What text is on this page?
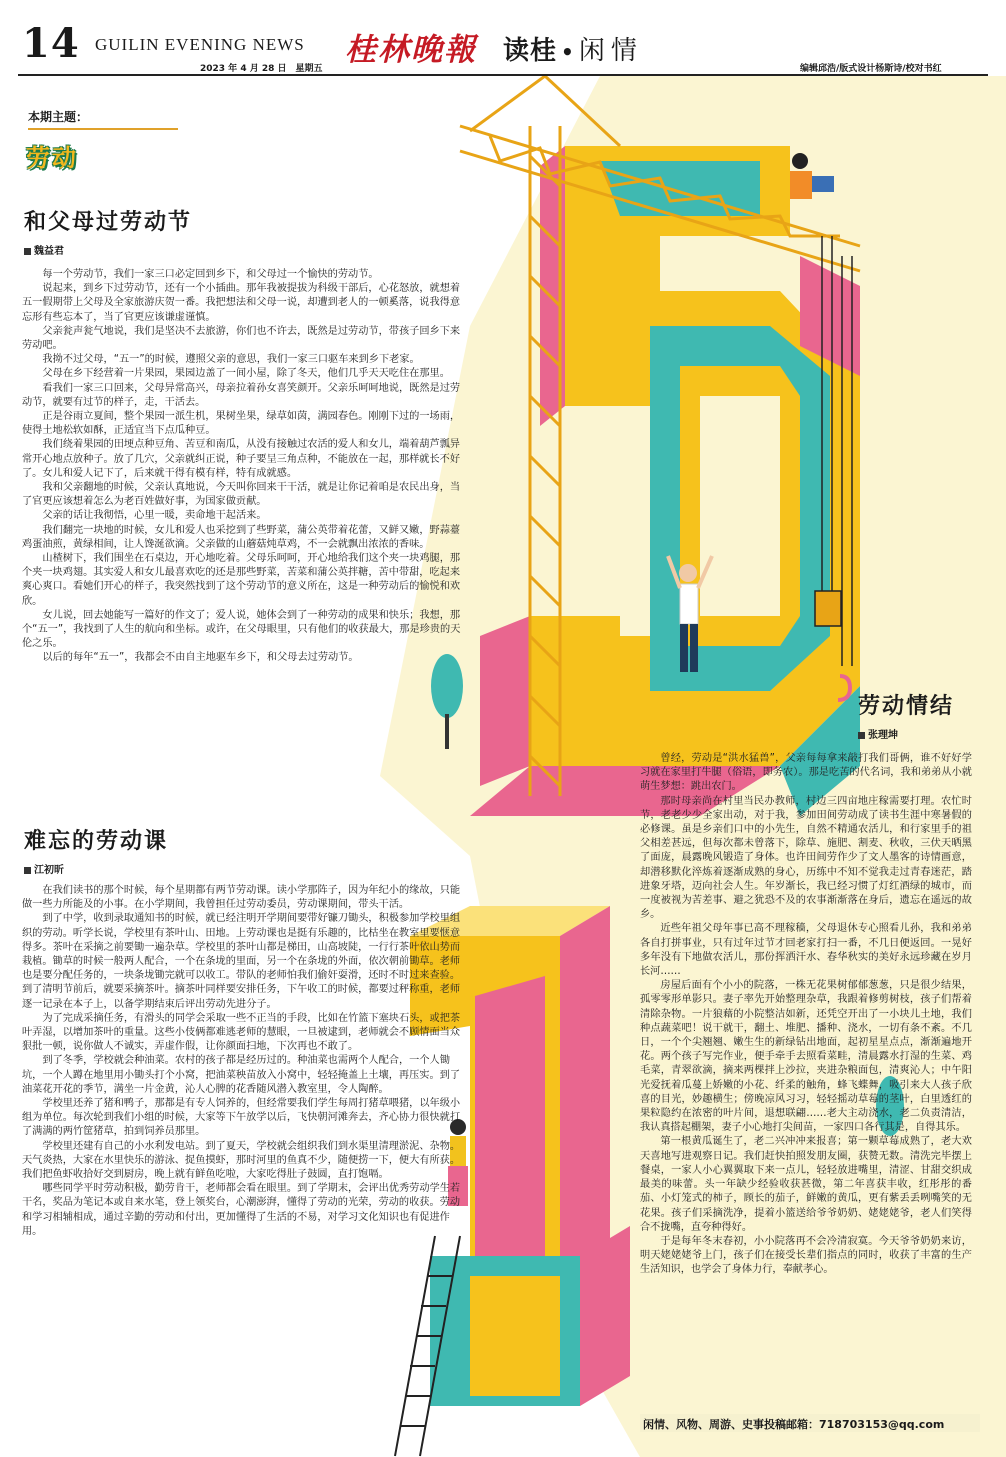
14 GUILIN EVENING NEWS
2023 年 4 月 28 日　星期五
桂林晚報 读桂 • 闲情
编辑邱浩/版式设计杨斯诗/校对书红
本期主题：
劳动
和父母过劳动节
魏益君

每一个劳动节，我们一家三口必定回到乡下，和父母过一个愉快的劳动节。

说起来，到乡下过劳动节，还有一个小插曲。那年我被提拔为科级干部后，心花怒放，就想着五一假期带上父母及全家旅游庆贺一番。我把想法和父母一说，却遭到老人的一顿奚落，说我得意忘形有些忘本了，当了官更应该谦虚谨慎。

父亲瓮声瓮气地说，我们是坚决不去旅游，你们也不许去，既然是过劳动节，带孩子回乡下来劳动吧。

我拗不过父母，“五一”的时候，遵照父亲的意思，我们一家三口驱车来到乡下老家。

父母在乡下经营着一片果园，果园边盖了一间小屋，除了冬天，他们几乎天天吃住在那里。

看我们一家三口回来，父母异常高兴，母亲拉着孙女喜笑颜开。父亲乐呵呵地说，既然是过劳动节，就要有过节的样子，走，干活去。

正是谷雨立夏间，整个果园一派生机，果树坐果，绿草如茵，满园春色。刚刚下过的一场雨，使得土地松软如酥，正适宜当下点瓜种豆。

我们绕着果园的田埂点种豆角、苦豆和南瓜，从没有接触过农活的爱人和女儿，端着葫芦瓢异常开心地点放种子。放了几穴，父亲就纠正说，种子要呈三角点种，不能放在一起，那样就长不好了。女儿和爱人记下了，后来就干得有模有样，特有成就感。

我和父亲翻地的时候，父亲认真地说，今天叫你回来干干活，就是让你记着咱是农民出身，当了官更应该想着怎么为老百姓做好事，为国家做贡献。

父亲的话让我彻悟，心里一暖，卖命地干起活来。

我们翻完一块地的时候，女儿和爱人也采挖到了些野菜，蒲公英带着花蕾，又鲜又嫩，野蒜薹鸡蛋油煎，黄绿相间，让人馋涎欲滴。父亲做的山蘑菇炖草鸡，不一会就飘出浓浓的香味。

山楂树下，我们围坐在石桌边，开心地吃着。父母乐呵呵，开心地给我们这个夹一块鸡腿，那个夹一块鸡翅。其实爱人和女儿最喜欢吃的还是那些野菜，苦菜和蒲公英拌糖，苦中带甜，吃起来爽心爽口。看她们开心的样子，我突然找到了这个劳动节的意义所在，这是一种劳动后的愉悦和欢欣。

女儿说，回去她能写一篇好的作文了；爱人说，她体会到了一种劳动的成果和快乐；我想，那个“五一”，我找到了人生的航向和坐标。或许，在父母眼里，只有他们的收获最大，那是珍贵的天伦之乐。

以后的每年“五一”，我都会不由自主地驱车乡下，和父母去过劳动节。

难忘的劳动课
江初昕

在我们读书的那个时候，每个星期都有两节劳动课。读小学那阵子，因为年纪小的缘故，只能做一些力所能及的小事。在小学期间，我曾担任过劳动委员，劳动课期间，带头干活。

到了中学，收到录取通知书的时候，就已经注明开学期间要带好镰刀锄头，积极参加学校里组织的劳动。听学长说，学校里有茶叶山、田地。上劳动课也是挺有乐趣的，比枯坐在教室里要惬意得多。茶叶在采摘之前要锄一遍杂草。学校里的茶叶山都是梯田，山高坡陡，一行行茶叶依山势而栽植。锄草的时候一般两人配合，一个在条垅的里面，另一个在条垅的外面，依次朝前锄草。老师也是要分配任务的，一块条垅锄完就可以收工。带队的老师怕我们偷奸耍滑，还时不时过来查验。到了清明节前后，就要采摘茶叶。摘茶叶同样要安排任务，下午收工的时候，都要过秤称重，老师逐一记录在本子上，以备学期结束后评出劳动先进分子。

为了完成采摘任务，有滑头的同学会采取一些不正当的手段，比如在竹篮下塞块石头，或把茶叶弄湿，以增加茶叶的重量。这些小伎俩都难逃老师的慧眼，一旦被逮到，老师就会不顾情面当众狠批一顿，说你做人不诚实，弄虚作假，让你颜面扫地，下次再也不敢了。

到了冬季，学校就会种油菜。农村的孩子都是经历过的。种油菜也需两个人配合，一个人锄坑，一个人蹲在地里用小锄头打个小窝，把油菜秧苗放入小窝中，轻轻掩盖上土壤，再压实。到了油菜花开花的季节，满坐一片金黄，沁人心脾的花香随风潜入教室里，令人陶醉。

学校里还养了猪和鸭子，那都是有专人饲养的，但经常要我们学生每周打猪草喂猪，以年级小组为单位。每次轮到我们小组的时候，大家等下午放学以后，飞快朝河滩奔去，齐心协力很快就打了满满的两竹筐猪草，拍到饲养员那里。

学校里还建有自己的小水利发电站。到了夏天，学校就会组织我们到水渠里清理淤泥、杂物。天气炎热，大家在水里快乐的游泳、捉鱼摸虾，那时河里的鱼真不少，随便捞一下，便大有所获。我们把鱼虾收拾好交到厨房，晚上就有鲜鱼吃啦，大家吃得肚子鼓圆，直打饱嗝。

哪些同学平时劳动积极，勤劳肯干，老师都会看在眼里。到了学期末，会评出优秀劳动学生若干名，奖品为笔记本或自来水笔，登上领奖台，心潮澎湃，懂得了劳动的光荣，劳动的收获。劳动和学习相辅相成，通过辛勤的劳动和付出，更加懂得了生活的不易，对学习文化知识也有促进作用。

劳动情结
张理坤

曾经，劳动是“洪水猛兽”，父亲每每拿来敲打我们哥俩，谁不好好学习就在家里打牛腿（俗语，即务农）。那是吃苦的代名词，我和弟弟从小就萌生梦想：跳出农门。

那时母亲尚在村里当民办教师，村边三四亩地庄稼需要打理。农忙时节，老老少少全家出动，对于我，参加田间劳动成了读书生涯中寒暑假的必修课。虽是乡亲们口中的小先生，自然不精通农活儿，和行家里手的祖父相差甚远，但每次都未曾落下，除草、施肥、割麦、秋收，三伏天晒黑了面庞，晨露晚风锻造了身体。也许田间劳作少了文人墨客的诗情画意，却潜移默化淬炼着逐渐成熟的身心，历练中不知不觉我走过青春迷茫，踏进象牙塔，迈向社会人生。年岁渐长，我已经习惯了灯红酒绿的城市，而一度被视为苦差事、避之犹恐不及的农事渐渐落在身后，遗忘在遥远的故乡。

近些年祖父母年事已高不理稼穑，父母退休专心照看儿孙，我和弟弟各自打拼事业，只有过年过节才回老家打扫一番，不几日便返回。一晃好多年没有下地做农活儿，那份挥洒汗水、春华秋实的美好永远珍藏在岁月长河……

房屋后面有个小小的院落，一株无花果树郁郁葱葱，只是很少结果，孤零零形单影只。妻子率先开始整理杂草，我跟着修剪树枝，孩子们帮着清除杂物。一片狼藉的小院整洁如新，还凭空开出了一小块儿土地，我们种点蔬菜吧！说干就干，翻土、堆肥、播种、浇水，一切有条不紊。不几日，一个个尖翘翘、嫩生生的新绿钻出地面，起初星星点点，渐渐遍地开花。两个孩子写完作业，便手牵手去照看菜畦，清晨露水打湿的生菜、鸡毛菜，青翠欲滴，摘来两棵拌上沙拉，夹进杂粮面包，清爽沁人；中午阳光爱抚着瓜蔓上娇嫩的小花、纤柔的触角，蜂飞蝶舞，吸引来大人孩子欣喜的目光，妙趣横生；傍晚凉风习习，轻轻摇动草莓的茎叶，白里透红的果粒隐约在浓密的叶片间，退想联翩……老大主动浇水，老二负责清洁，我认真搭起棚架，妻子小心地打尖间苗，一家四口各行其是，自得其乐。

第一根黄瓜诞生了，老二兴冲冲来报喜；第一颗草莓成熟了，老大欢天喜地写进观察日记。我们赶快拍照发朋友圈，获赞无数。清洗完毕摆上餐桌，一家人小心翼翼取下来一点儿，轻轻放进嘴里，清涩、甘甜交织成最美的味蕾。头一年缺少经验收获甚微，第二年喜获丰收，红彤彤的番茄、小灯笼式的柿子，顾长的茄子，鲜嫩的黄瓜，更有紫丢丢咧嘴笑的无花果。孩子们采摘洗净，提着小篮送给爷爷奶奶、姥姥姥爷，老人们笑得合不拢嘴，直夸种得好。

于是每年冬末春初，小小院落再不会冷清寂寞。今天爷爷奶奶来访，明天姥姥姥爷上门，孩子们在接受长辈们指点的同时，收获了丰富的生产生活知识，也学会了身体力行，奉献孝心。

闲情、风物、周游、史事投稿邮箱：718703153@qq.com
